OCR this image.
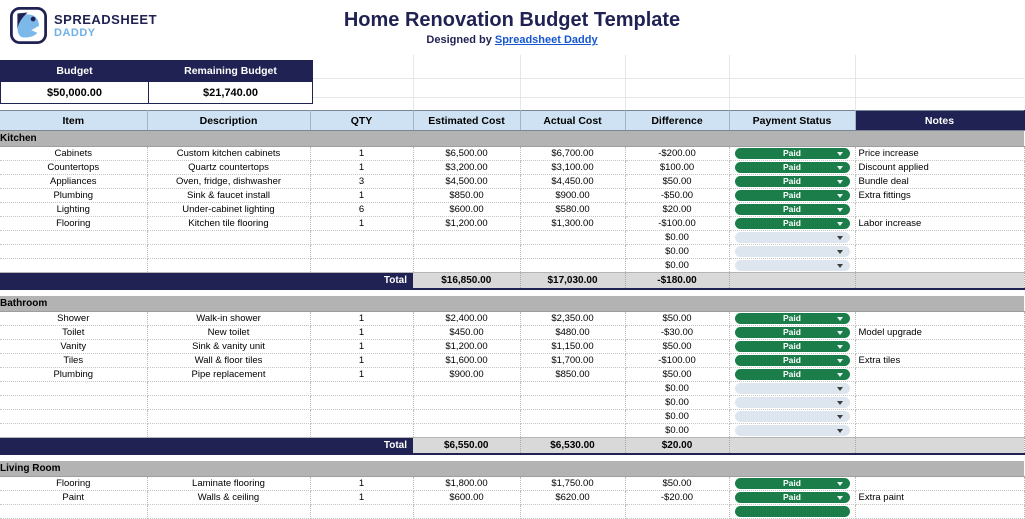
SPREADSHEET
DADDY
Home Renovation Budget Template
Designed by Spreadsheet Daddy
Budget	Remaining Budget
$50,000.00	$21,740.00
Item	Description	QTY	Estimated Cost	Actual Cost	Difference	Payment Status	Notes
Kitchen							
Cabinets	Custom kitchen cabinets	1	$6,500.00	$6,700.00	-$200.00	Paid	Price increase
Countertops	Quartz countertops	1	$3,200.00	$3,100.00	$100.00	Paid	Discount applied
Appliances	Oven, fridge, dishwasher	3	$4,500.00	$4,450.00	$50.00	Paid	Bundle deal
Plumbing	Sink & faucet install	1	$850.00	$900.00	-$50.00	Paid	Extra fittings
Lighting	Under-cabinet lighting	6	$600.00	$580.00	$20.00	Paid	

Flooring	Kitchen tile flooring	1	$1,200.00	$1,300.00	-$100.00	Paid	Labor increase
					$0.00	

					$0.00	

					$0.00	

Total			$16,850.00	$17,030.00	-$180.00		

Bathroom							
Shower	Walk-in shower	1	$2,400.00	$2,350.00	$50.00	Paid	

Toilet	New toilet	1	$450.00	$480.00	-$30.00	Paid	Model upgrade
Vanity	Sink & vanity unit	1	$1,200.00	$1,150.00	$50.00	Paid	

Tiles	Wall & floor tiles	1	$1,600.00	$1,700.00	-$100.00	Paid	Extra tiles
Plumbing	Pipe replacement	1	$900.00	$850.00	$50.00	Paid	

					$0.00	

					$0.00	

					$0.00	

					$0.00	

Total			$6,550.00	$6,530.00	$20.00		

Living Room							
Flooring	Laminate flooring	1	$1,800.00	$1,750.00	$50.00	Paid	

Paint	Walls & ceiling	1	$600.00	$620.00	-$20.00	Paid	Extra paint
